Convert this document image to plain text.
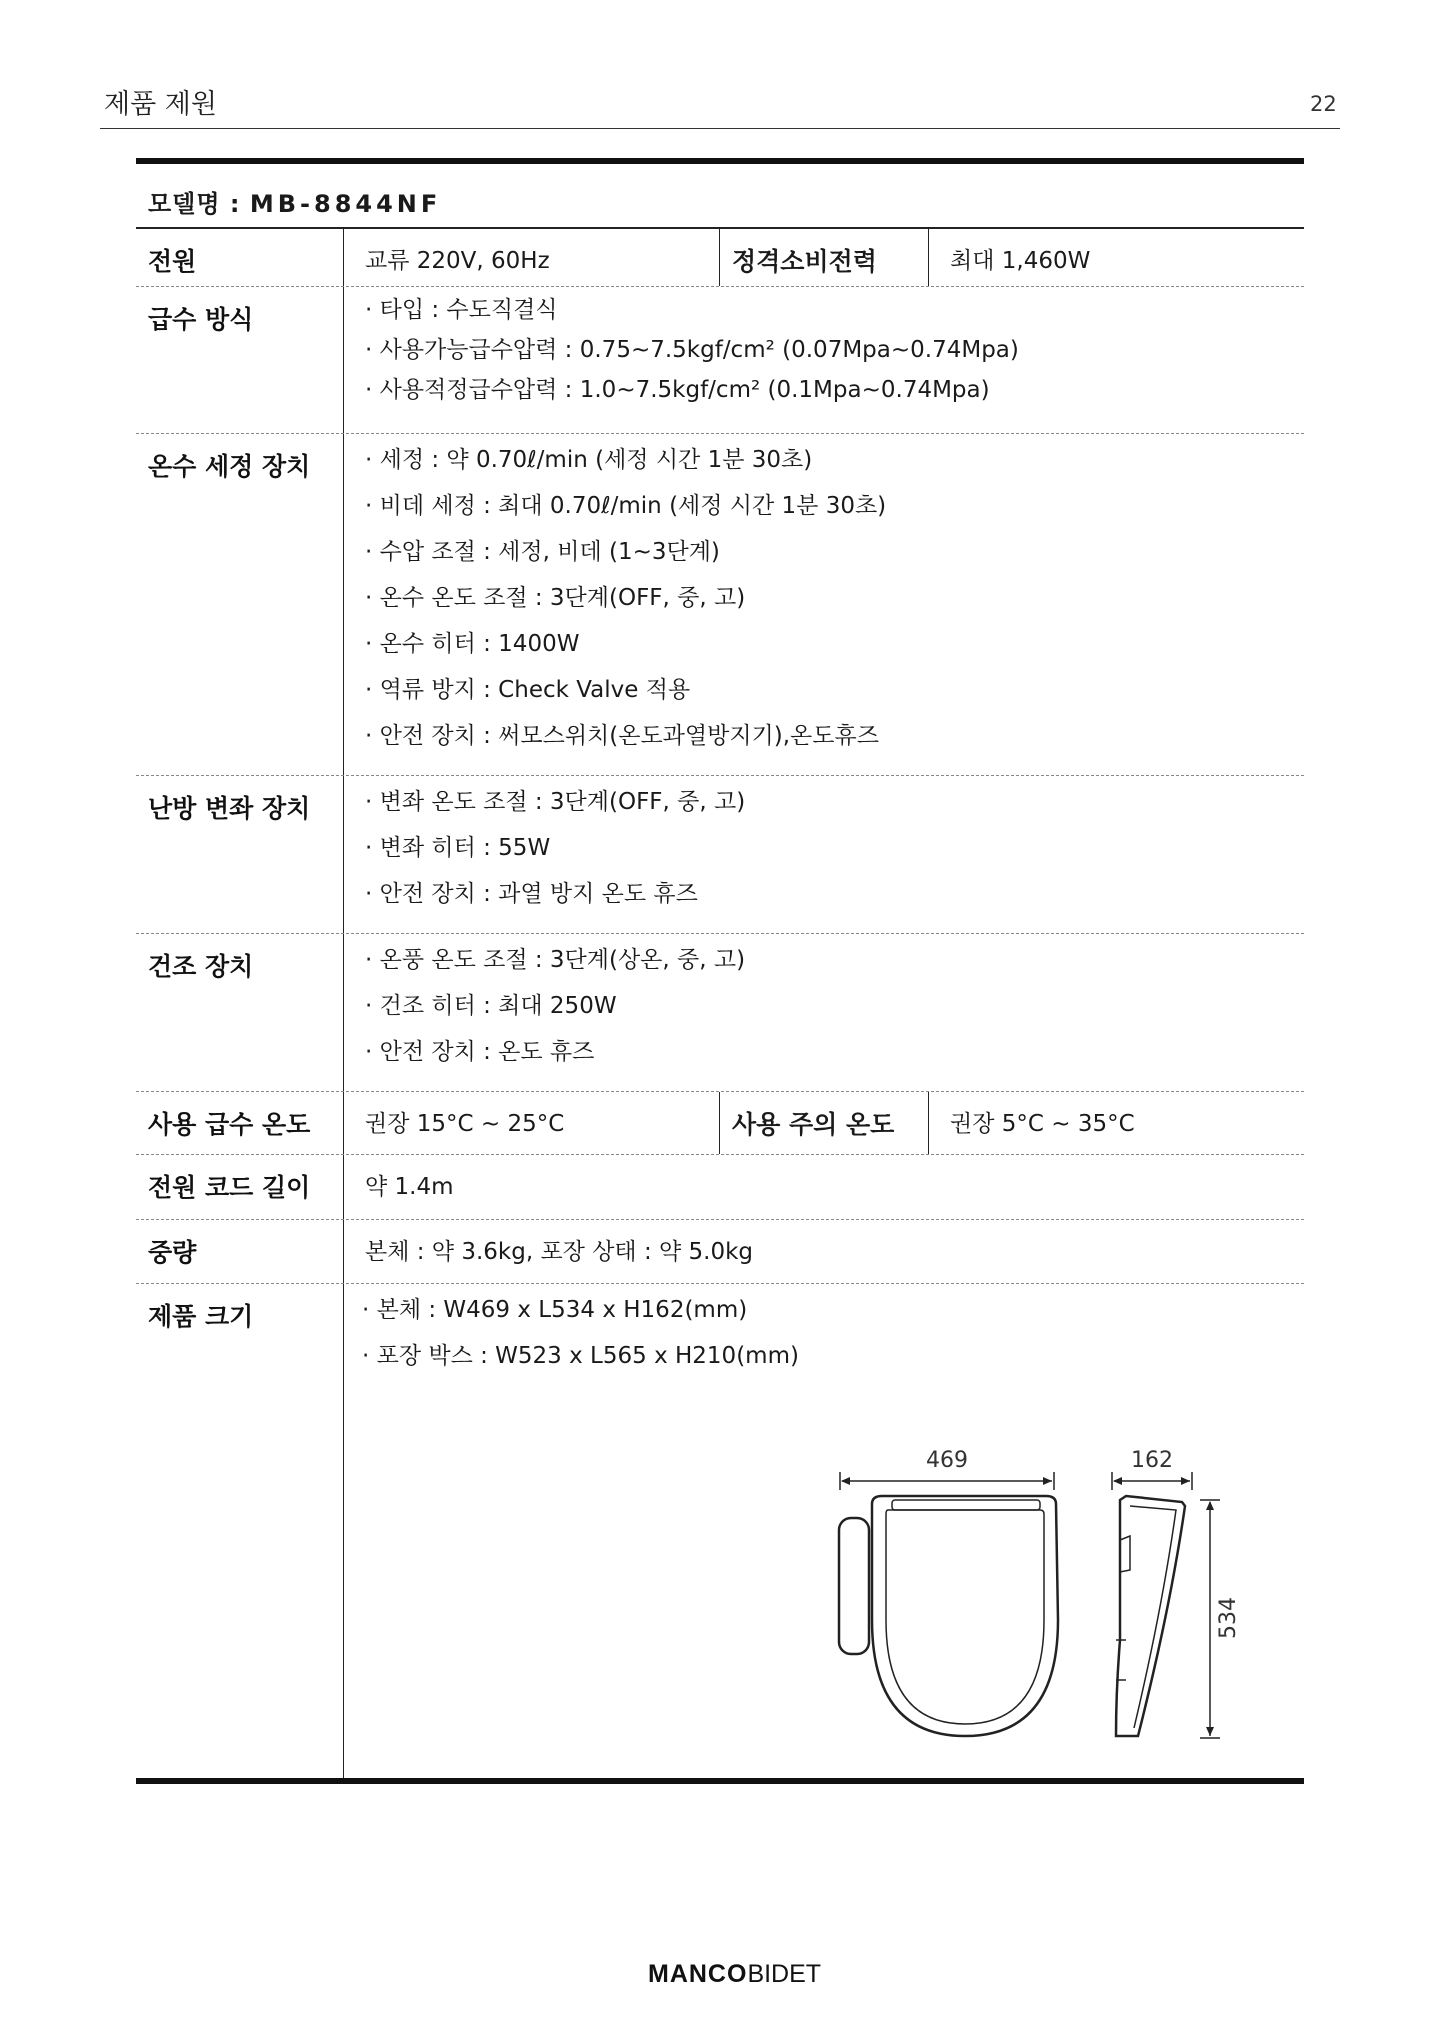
제품 제원	22
모델명 : MB-8844NF
전원	교류 220V, 60Hz	정격소비전력	최대 1,460W
급수 방식	· 타입 : 수도직결식
· 사용가능급수압력 : 0.75~7.5kgf/cm² (0.07Mpa~0.74Mpa)
· 사용적정급수압력 : 1.0~7.5kgf/cm² (0.1Mpa~0.74Mpa)
온수 세정 장치	· 세정 : 약 0.70ℓ/min (세정 시간 1분 30초)
· 비데 세정 : 최대 0.70ℓ/min (세정 시간 1분 30초)
· 수압 조절 : 세정, 비데 (1~3단계)
· 온수 온도 조절 : 3단계(OFF, 중, 고)
· 온수 히터 : 1400W
· 역류 방지 : Check Valve 적용
· 안전 장치 : 써모스위치(온도과열방지기),온도휴즈
난방 변좌 장치	· 변좌 온도 조절 : 3단계(OFF, 중, 고)
· 변좌 히터 : 55W
· 안전 장치 : 과열 방지 온도 휴즈
건조 장치	· 온풍 온도 조절 : 3단계(상온, 중, 고)
· 건조 히터 : 최대 250W
· 안전 장치 : 온도 휴즈
사용 급수 온도	권장 15°C ~ 25°C	사용 주의 온도	권장 5°C ~ 35°C
전원 코드 길이	약 1.4m
중량	본체 : 약 3.6kg, 포장 상태 : 약 5.0kg
제품 크기	· 본체 : W469 x L534 x H162(mm)
· 포장 박스 : W523 x L565 x H210(mm)
469	162
534
MANCOBIDET
